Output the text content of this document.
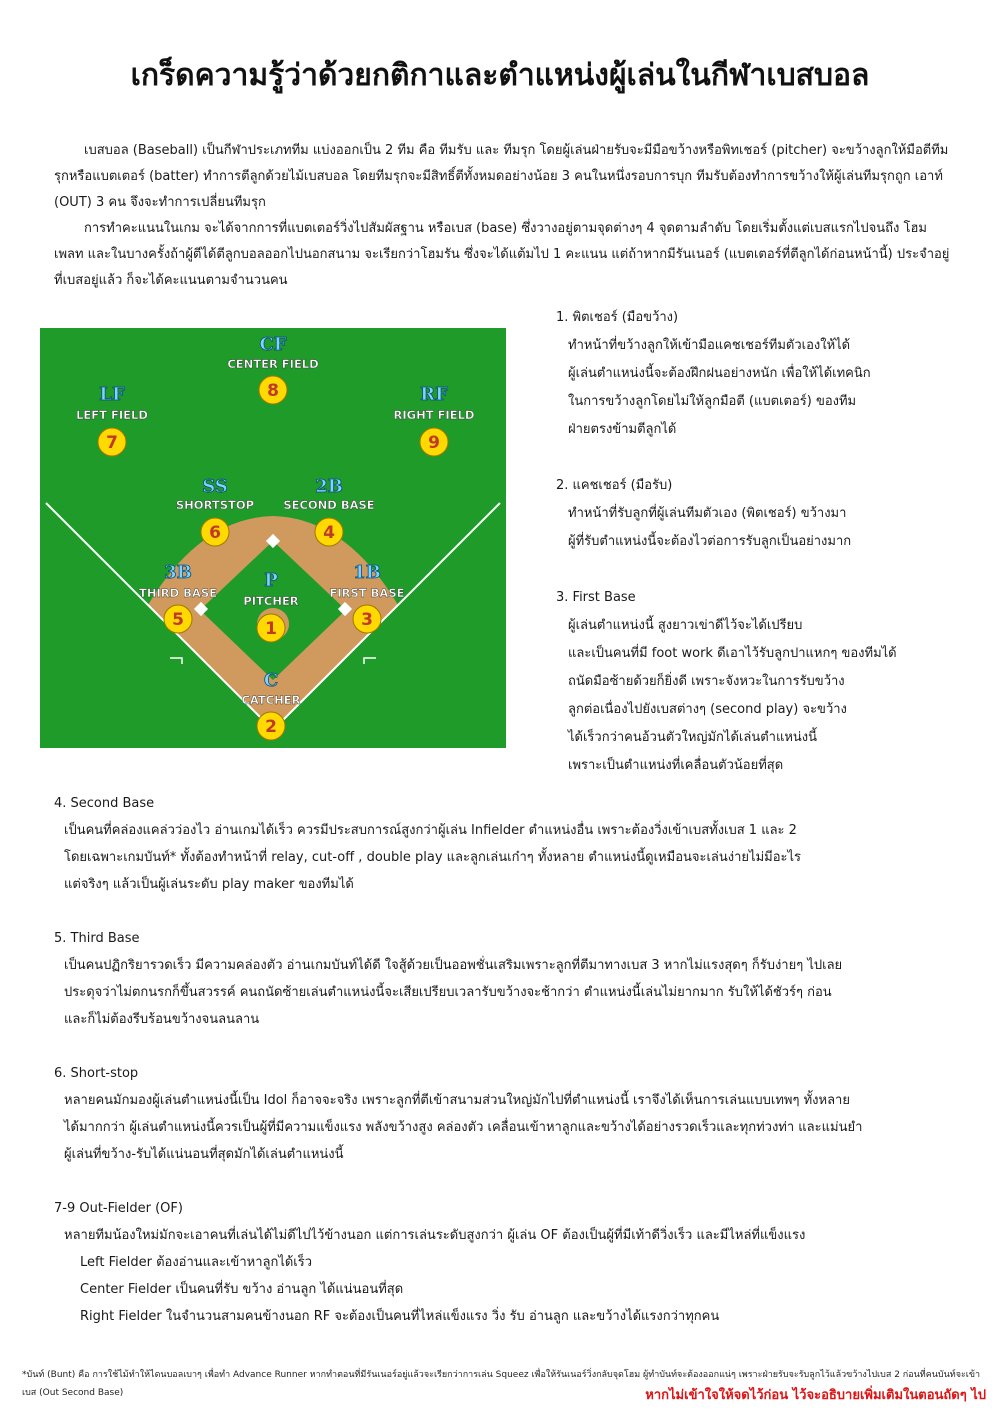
เกร็ดความรู้ว่าด้วยกติกาและตำแหน่งผู้เล่นในกีฬาเบสบอล

เบสบอล (Baseball) เป็นกีฬาประเภททีม แบ่งออกเป็น 2 ทีม คือ ทีมรับ และ ทีมรุก โดยผู้เล่นฝ่ายรับจะมีมือขว้างหรือพิทเชอร์ (pitcher) จะขว้างลูกให้มือตีทีมรุกหรือแบตเตอร์ (batter) ทำการตีลูกด้วยไม้เบสบอล โดยทีมรุกจะมีสิทธิ์ตีทั้งหมดอย่างน้อย 3 คนในหนึ่งรอบการบุก ทีมรับต้องทำการขว้างให้ผู้เล่นทีมรุกถูก เอาท์ (OUT) 3 คน จึงจะทำการเปลี่ยนทีมรุก

การทำคะแนนในเกม จะได้จากการที่แบตเตอร์วิ่งไปสัมผัสฐาน หรือเบส (base) ซึ่งวางอยู่ตามจุดต่างๆ 4 จุดตามลำดับ โดยเริ่มตั้งแต่เบสแรกไปจนถึง โฮมเพลท และในบางครั้งถ้าผู้ตีได้ตีลูกบอลออกไปนอกสนาม จะเรียกว่าโฮมรัน ซึ่งจะได้แต้มไป 1 คะแนน แต่ถ้าหากมีรันเนอร์ (แบตเตอร์ที่ตีลูกได้ก่อนหน้านี้) ประจำอยู่ที่เบสอยู่แล้ว ก็จะได้คะแนนตามจำนวนคน

CF
CENTER FIELD
8
LF
LEFT FIELD
7
RF
RIGHT FIELD
9
SS
SHORTSTOP
6
2B
SECOND BASE
4
3B
THIRD BASE
5
P
PITCHER
1
1B
FIRST BASE
3
C
CATCHER
2

1. พิตเชอร์ (มือขว้าง)

ทำหน้าที่ขว้างลูกให้เข้ามือแคชเชอร์ทีมตัวเองให้ได้

ผู้เล่นตำแหน่งนี้จะต้องฝึกฝนอย่างหนัก เพื่อให้ได้เทคนิก

ในการขว้างลูกโดยไม่ให้ลูกมือตี (แบตเตอร์) ของทีม

ฝ่ายตรงข้ามตีลูกได้

2. แคชเชอร์ (มือรับ)

ทำหน้าที่รับลูกที่ผู้เล่นทีมตัวเอง (พิตเชอร์) ขว้างมา

ผู้ที่รับตำแหน่งนี้จะต้องไวต่อการรับลูกเป็นอย่างมาก

3. First Base

ผู้เล่นตำแหน่งนี้ สูงยาวเข่าดีไว้จะได้เปรียบ

และเป็นคนที่มี foot work ดีเอาไว้รับลูกปาแหกๆ ของทีมได้

ถนัดมือซ้ายด้วยก็ยิ่งดี เพราะจังหวะในการรับขว้าง

ลูกต่อเนื่องไปยังเบสต่างๆ (second play) จะขว้าง

ได้เร็วกว่าคนอ้วนตัวใหญ่มักได้เล่นตำแหน่งนี้

เพราะเป็นตำแหน่งที่เคลื่อนตัวน้อยที่สุด

4. Second Base

เป็นคนที่คล่องแคล่วว่องไว อ่านเกมได้เร็ว ควรมีประสบการณ์สูงกว่าผู้เล่น Infielder ตำแหน่งอื่น เพราะต้องวิ่งเข้าเบสทั้งเบส 1 และ 2

โดยเฉพาะเกมบันท์* ทั้งต้องทำหน้าที่ relay, cut-off , double play และลูกเล่นเก๋าๆ ทั้งหลาย ตำแหน่งนี้ดูเหมือนจะเล่นง่ายไม่มีอะไร

แต่จริงๆ แล้วเป็นผู้เล่นระดับ play maker ของทีมได้

5. Third Base

เป็นคนปฏิกริยารวดเร็ว มีความคล่องตัว อ่านเกมบันท์ได้ดี ใจสู้ด้วยเป็นออพชั่นเสริมเพราะลูกที่ตีมาทางเบส 3 หากไม่แรงสุดๆ ก็รับง่ายๆ ไปเลย

ประดุจว่าไม่ตกนรกก็ขึ้นสวรรค์ คนถนัดซ้ายเล่นตำแหน่งนี้จะเสียเปรียบเวลารับขว้างจะช้ากว่า ตำแหน่งนี้เล่นไม่ยากมาก รับให้ได้ชัวร์ๆ ก่อน

และก็ไม่ต้องรีบร้อนขว้างจนลนลาน

6. Short-stop

หลายคนมักมองผู้เล่นตำแหน่งนี้เป็น Idol ก็อาจจะจริง เพราะลูกที่ตีเข้าสนามส่วนใหญ่มักไปที่ตำแหน่งนี้ เราจึงได้เห็นการเล่นแบบเทพๆ ทั้งหลาย

ได้มากกว่า ผู้เล่นตำแหน่งนี้ควรเป็นผู้ที่มีความแข็งแรง พลังขว้างสูง คล่องตัว เคลื่อนเข้าหาลูกและขว้างได้อย่างรวดเร็วและทุกท่วงท่า และแม่นยำ

ผู้เล่นที่ขว้าง-รับได้แน่นอนที่สุดมักได้เล่นตำแหน่งนี้

7-9 Out-Fielder (OF)

หลายทีมน้องใหม่มักจะเอาคนที่เล่นได้ไม่ดีไปไว้ข้างนอก แต่การเล่นระดับสูงกว่า ผู้เล่น OF ต้องเป็นผู้ที่มีเท้าดีวิ่งเร็ว และมีไหล่ที่แข็งแรง

Left Fielder ต้องอ่านและเข้าหาลูกได้เร็ว

Center Fielder เป็นคนที่รับ ขว้าง อ่านลูก ได้แน่นอนที่สุด

Right Fielder ในจำนวนสามคนข้างนอก RF จะต้องเป็นคนที่ไหล่แข็งแรง วิ่ง รับ อ่านลูก และขว้างได้แรงกว่าทุกคน

*บันท์ (Bunt) คือ การใช้ไม้ทำให้ไดนบอลเบาๆ เพื่อทำ Advance Runner หากทำตอนที่มีรันเนอร์อยู่แล้วจะเรียกว่าการเล่น Squeez เพื่อให้รันเนอร์วิ่งกลับจุดโฮม ผู้ทำบันท์จะต้องออกแน่ๆ เพราะฝ่ายรับจะรับลูกไว้แล้วขว้างไปเบส 2 ก่อนที่คนบันท์จะเข้าเบส (Out Second Base)	หากไม่เข้าใจให้จดไว้ก่อน ไว้จะอธิบายเพิ่มเติมในตอนถัดๆ ไป
